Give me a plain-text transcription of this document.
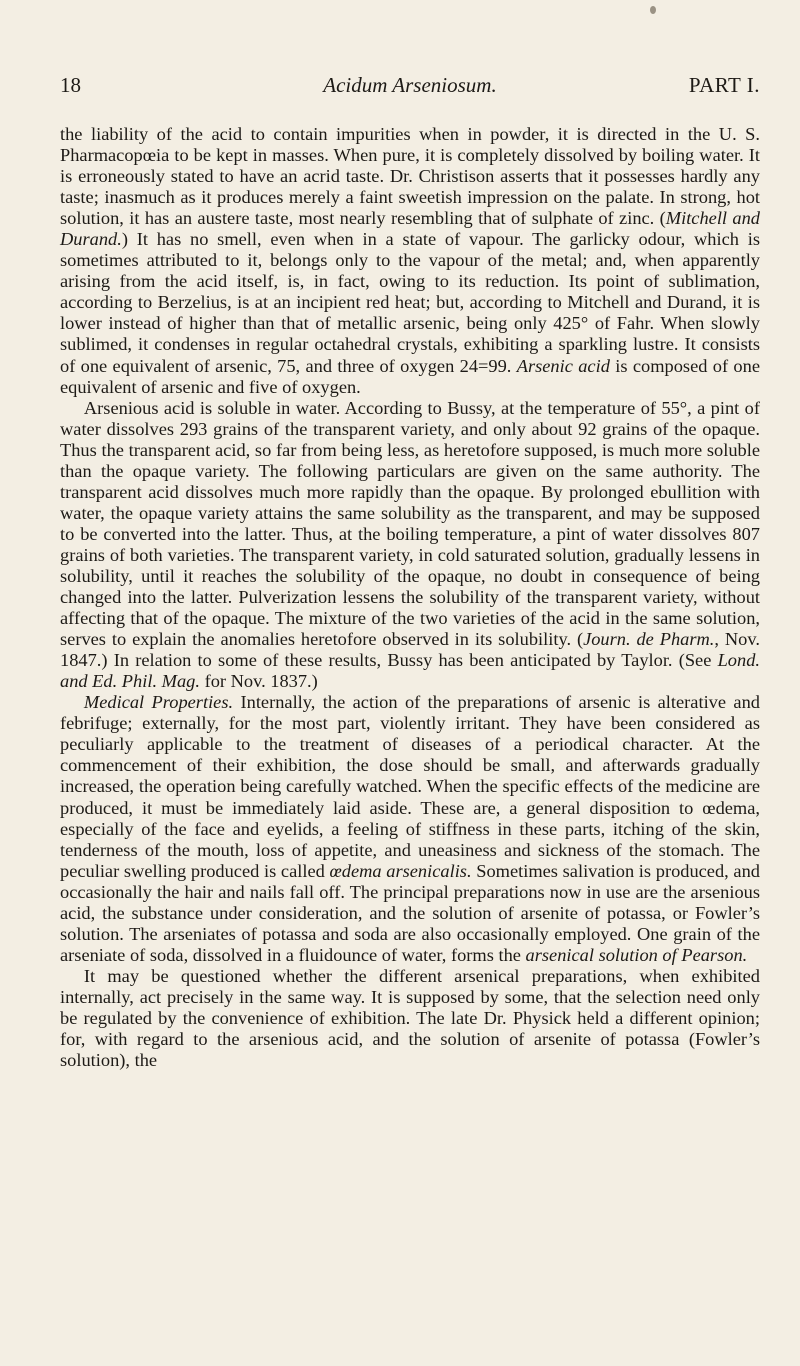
18	Acidum Arseniosum.	PART I.

the liability of the acid to contain impurities when in powder, it is directed in the U. S. Pharmacopœia to be kept in masses. When pure, it is completely dissolved by boiling water. It is erroneously stated to have an acrid taste. Dr. Christison asserts that it possesses hardly any taste; inasmuch as it produces merely a faint sweetish impression on the palate. In strong, hot solution, it has an austere taste, most nearly resembling that of sulphate of zinc. (Mitchell and Durand.) It has no smell, even when in a state of vapour. The garlicky odour, which is sometimes attributed to it, belongs only to the vapour of the metal; and, when apparently arising from the acid itself, is, in fact, owing to its reduction. Its point of sublimation, according to Berzelius, is at an incipient red heat; but, according to Mitchell and Durand, it is lower instead of higher than that of metallic arsenic, being only 425° of Fahr. When slowly sublimed, it condenses in regular octahedral crystals, exhibiting a sparkling lustre. It consists of one equivalent of arsenic, 75, and three of oxygen 24=99. Arsenic acid is composed of one equivalent of arsenic and five of oxygen.

Arsenious acid is soluble in water. According to Bussy, at the temperature of 55°, a pint of water dissolves 293 grains of the transparent variety, and only about 92 grains of the opaque. Thus the transparent acid, so far from being less, as heretofore supposed, is much more soluble than the opaque variety. The following particulars are given on the same authority. The transparent acid dissolves much more rapidly than the opaque. By prolonged ebullition with water, the opaque variety attains the same solubility as the transparent, and may be supposed to be converted into the latter. Thus, at the boiling temperature, a pint of water dissolves 807 grains of both varieties. The transparent variety, in cold saturated solution, gradually lessens in solubility, until it reaches the solubility of the opaque, no doubt in consequence of being changed into the latter. Pulverization lessens the solubility of the transparent variety, without affecting that of the opaque. The mixture of the two varieties of the acid in the same solution, serves to explain the anomalies heretofore observed in its solubility. (Journ. de Pharm., Nov. 1847.) In relation to some of these results, Bussy has been anticipated by Taylor. (See Lond. and Ed. Phil. Mag. for Nov. 1837.)

Medical Properties. Internally, the action of the preparations of arsenic is alterative and febrifuge; externally, for the most part, violently irritant. They have been considered as peculiarly applicable to the treatment of diseases of a periodical character. At the commencement of their exhibition, the dose should be small, and afterwards gradually increased, the operation being carefully watched. When the specific effects of the medicine are produced, it must be immediately laid aside. These are, a general disposition to œdema, especially of the face and eyelids, a feeling of stiffness in these parts, itching of the skin, tenderness of the mouth, loss of appetite, and uneasiness and sickness of the stomach. The peculiar swelling produced is called œdema arsenicalis. Sometimes salivation is produced, and occasionally the hair and nails fall off. The principal preparations now in use are the arsenious acid, the substance under consideration, and the solution of arsenite of potassa, or Fowler’s solution. The arseniates of potassa and soda are also occasionally employed. One grain of the arseniate of soda, dissolved in a fluidounce of water, forms the arsenical solution of Pearson.

It may be questioned whether the different arsenical preparations, when exhibited internally, act precisely in the same way. It is supposed by some, that the selection need only be regulated by the convenience of exhibition. The late Dr. Physick held a different opinion; for, with regard to the arsenious acid, and the solution of arsenite of potassa (Fowler’s solution), the
